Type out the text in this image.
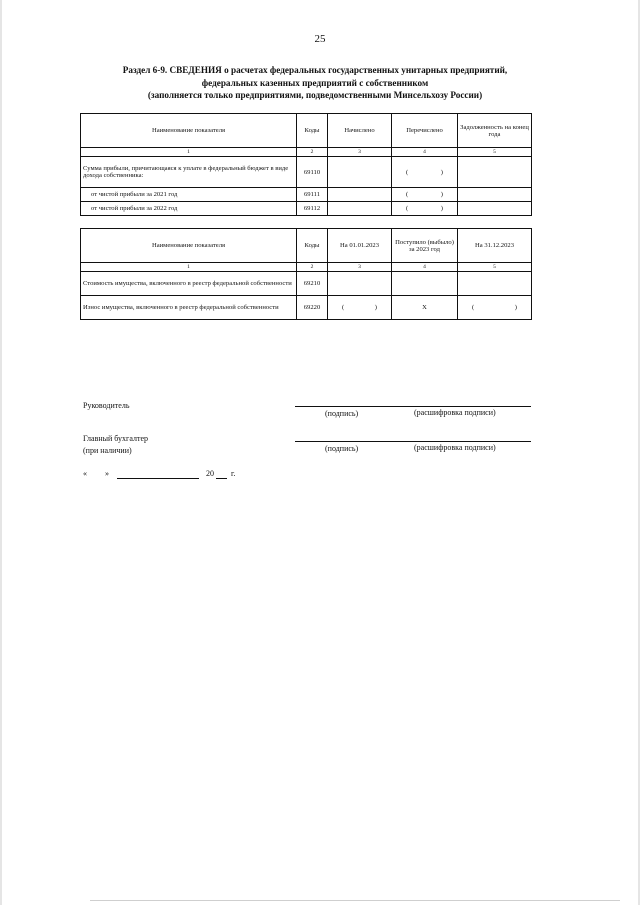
25
Раздел 6-9. СВЕДЕНИЯ о расчетах федеральных государственных унитарных предприятий,
федеральных казенных предприятий с собственником
(заполняется только предприятиями, подведомственными Минсельхозу России)
Наименование показателя	Коды	Начислено	Перечислено	Задолженность на конец года
1	2	3	4	5
Сумма прибыли, причитающаяся к уплате в федеральный бюджет в виде дохода собственника:	69110		( )	

от чистой прибыли за 2021 год	69111		( )	

от чистой прибыли за 2022 год	69112		( )	

Наименование показателя	Коды	На 01.01.2023	Поступило (выбыло) за 2023 год	На 31.12.2023
1	2	3	4	5
Стоимость имущества, включенного в реестр федеральной собственности	69210			
Износ имущества, включенного в реестр федеральной собственности	69220	( )	X	( )
Руководитель
(подпись)	(расшифровка подписи)
Главный бухгалтер
(при наличии)	(подпись)	(расшифровка подписи)
« »	20 г.
